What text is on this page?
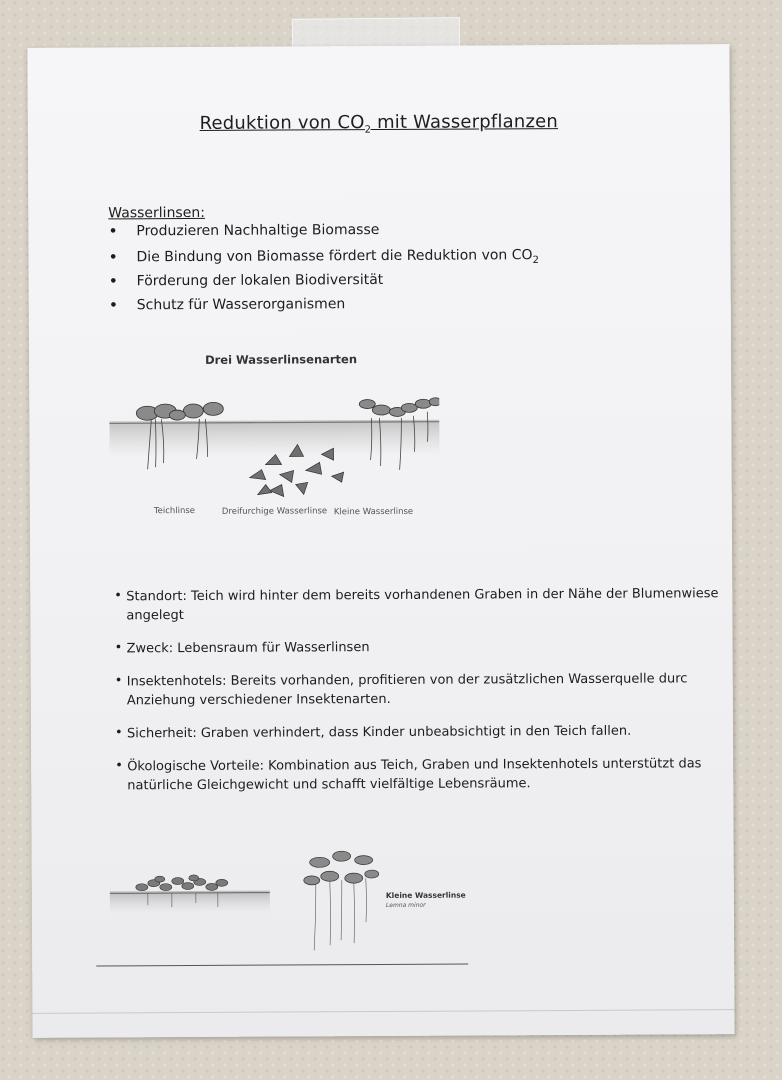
Reduktion von $CO_2$ mit Wasserpflanzen
Wasserlinsen:
• Produzieren Nachhaltige Biomasse
• Die Bindung von Biomasse fördert die Reduktion von $CO_2$
• Förderung der lokalen Biodiversität
• Schutz für Wasserorganismen
Drei Wasserlinsenarten
Teichlinse	Dreifurchige Wasserlinse Kleine Wasserlinse
• Standort: Teich wird hinter dem bereits vorhandenen Graben in der Nähe der Blumenwiese angelegt
• Zweck: Lebensraum für Wasserlinsen
• Insektenhotels: Bereits vorhanden, profitieren von der zusätzlichen Wasserquelle durc Anziehung verschiedener Insektenarten.
• Sicherheit: Graben verhindert, dass Kinder unbeabsichtigt in den Teich fallen.
• Ökologische Vorteile: Kombination aus Teich, Graben und Insektenhotels unterstützt das natürliche Gleichgewicht und schafft vielfältige Lebensräume.
Kleine Wasserlinse
Lemna minor
